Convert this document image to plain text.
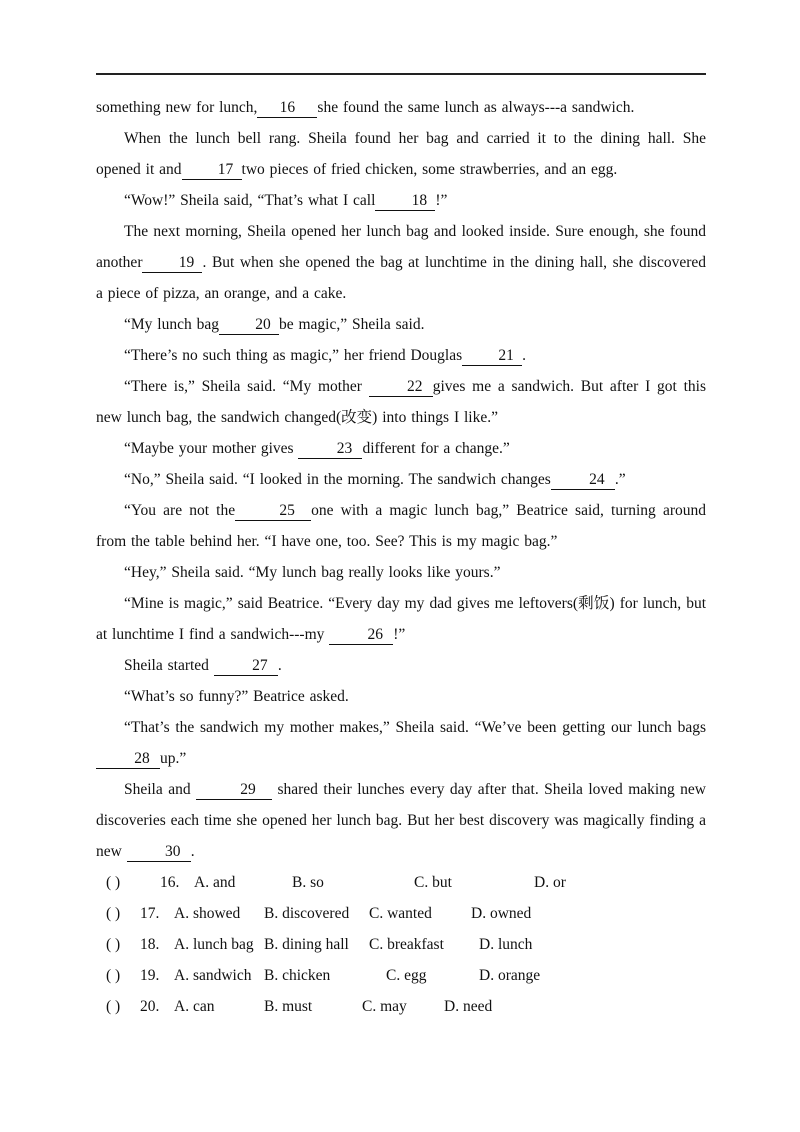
something new for lunch, 16 she found the same lunch as always---a sandwich.

When the lunch bell rang. Sheila found her bag and carried it to the dining hall. She opened it and 17 two pieces of fried chicken, some strawberries, and an egg.

“Wow!” Sheila said, “That’s what I call 18 !”

The next morning, Sheila opened her lunch bag and looked inside. Sure enough, she found another 19 . But when she opened the bag at lunchtime in the dining hall, she discovered a piece of pizza, an orange, and a cake.

“My lunch bag 20 be magic,” Sheila said.

“There’s no such thing as magic,” her friend Douglas 21 .

“There is,” Sheila said. “My mother 22 gives me a sandwich. But after I got this new lunch bag, the sandwich changed(改变) into things I like.”

“Maybe your mother gives 23 different for a change.”

“No,” Sheila said. “I looked in the morning. The sandwich changes 24 .”

“You are not the	25 one with a magic lunch bag,” Beatrice said, turning around from the table behind her. “I have one, too. See? This is my magic bag.”

“Hey,” Sheila said. “My lunch bag really looks like yours.”

“Mine is magic,” said Beatrice. “Every day my dad gives me leftovers(剩饭) for lunch, but at lunchtime I find a sandwich---my 26 !”

Sheila started 27 .

“What’s so funny?” Beatrice asked.

“That’s the sandwich my mother makes,” Sheila said. “We’ve been getting our lunch bags 28 up.”

Sheila and	29 shared their lunches every day after that. Sheila loved making new discoveries each time she opened her lunch bag. But her best discovery was magically finding a new 30 .

( )	16. A. and	B. so	C. but	D. or
( ) 17. A. showed B. discovered C. wanted	D. owned
( ) 18. A. lunch bag B. dining hall C. breakfast D. lunch
( ) 19. A. sandwich B. chicken	C. egg	D. orange
( ) 20. A. can	B. must	C. may D. need
